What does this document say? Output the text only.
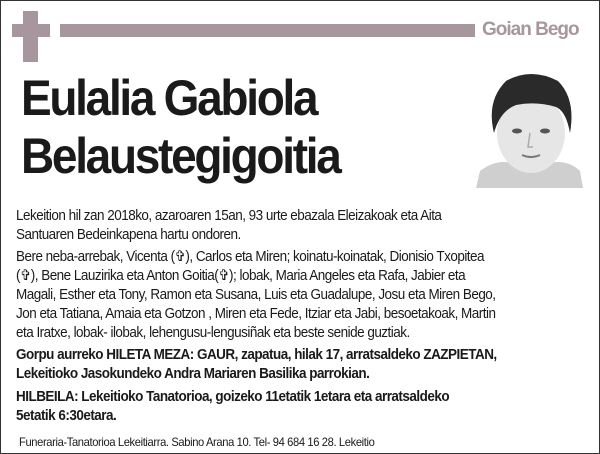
Goian Bego
Eulalia Gabiola
Belaustegigoitia
Lekeition hil zan 2018ko, azaroaren 15an, 93 urte ebazala Eleizakoak eta Aita
Santuaren Bedeinkapena hartu ondoren.
Bere neba-arrebak, Vicenta (✞), Carlos eta Miren; koinatu-koinatak, Dionisio Txopitea
(✞), Bene Lauzirika eta Anton Goitia(✞); lobak, Maria Angeles eta Rafa, Jabier eta
Magali, Esther eta Tony, Ramon eta Susana, Luis eta Guadalupe, Josu eta Miren Bego,
Jon eta Tatiana, Amaia eta Gotzon , Miren eta Fede, Itziar eta Jabi, besoetakoak, Martin
eta Iratxe, lobak- ilobak, lehengusu-lengusiñak eta beste senide guztiak.
Gorpu aurreko HILETA MEZA: GAUR, zapatua, hilak 17, arratsaldeko ZAZPIETAN,
Lekeitioko Jasokundeko Andra Mariaren Basilika parrokian.
HILBEILA: Lekeitioko Tanatorioa, goizeko 11etatik 1etara eta arratsaldeko
5etatik 6:30etara.
Funeraria-Tanatorioa Lekeitiarra. Sabino Arana 10. Tel- 94 684 16 28. Lekeitio
